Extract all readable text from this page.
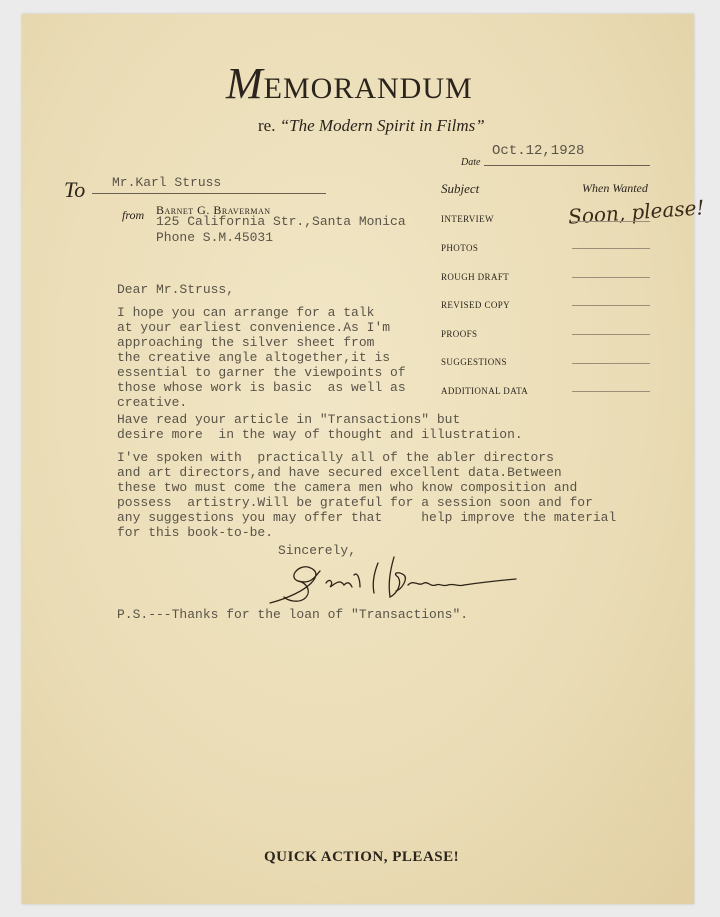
MEMORANDUM
re. “The Modern Spirit in Films”
Oct.12,1928
Date
To Mr.Karl Struss
from Barnet G. Braverman
125 California Str.,Santa Monica
Phone S.M.45031
Subject	When Wanted
Soon, please!
INTERVIEW
PHOTOS
ROUGH DRAFT
REVISED COPY
PROOFS
SUGGESTIONS
ADDITIONAL DATA
Dear Mr.Struss,
I hope you can arrange for a talk
at your earliest convenience.As I'm
approaching the silver sheet from
the creative angle altogether,it is
essential to garner the viewpoints of
those whose work is basic  as well as
creative.
Have read your article in "Transactions" but
desire more  in the way of thought and illustration.
I've spoken with  practically all of the abler directors
and art directors,and have secured excellent data.Between
these two must come the camera men who know composition and
possess  artistry.Will be grateful for a session soon and for
any suggestions you may offer that     help improve the material
for this book-to-be.
Sincerely,
P.S.---Thanks for the loan of "Transactions".
QUICK ACTION, PLEASE!
